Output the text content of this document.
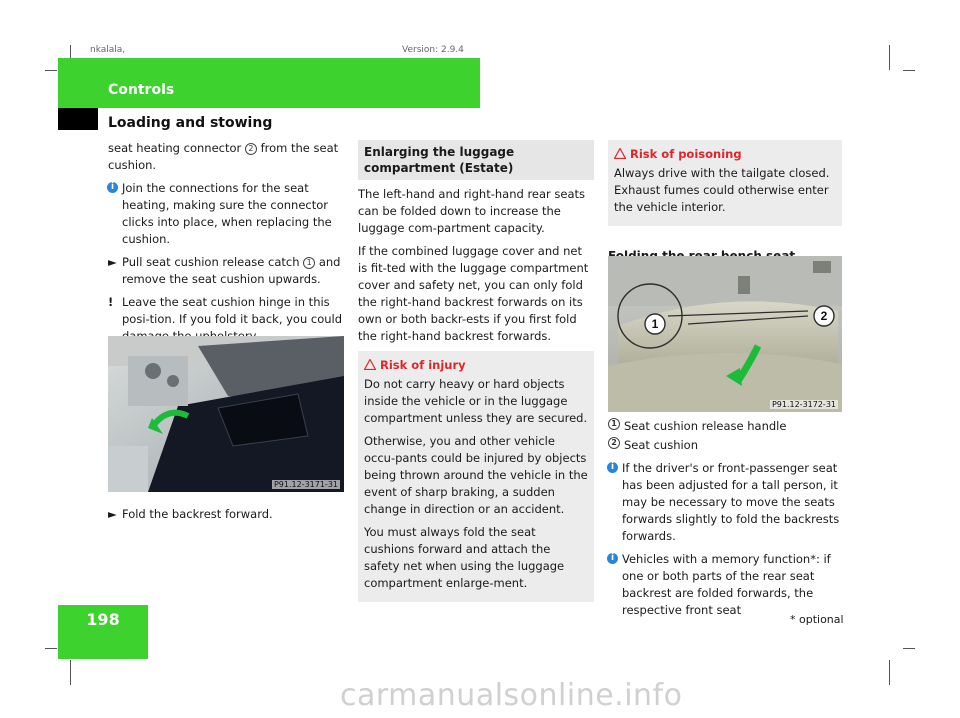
nkalala,	Version: 2.9.4
Controls
Loading and stowing

seat heating connector 2 from the seat cushion.

i Join the connections for the seat heating, making sure the connector clicks into place, when replacing the cushion.
► Pull seat cushion release catch 1 and remove the seat cushion upwards.
! Leave the seat cushion hinge in this posi-tion. If you fold it back, you could
P91.12-3171-31
► Fold the backrest forward.
Enlarging the luggage compartment (Estate)

The left-hand and right-hand rear seats can be folded down to increase the luggage com-partment capacity.

If the combined luggage cover and net is fit-ted with the luggage compartment cover and safety net, you can only fold the right-hand backrest forwards on its own or both backr-ests if you first fold the right-hand backrest forwards.

Risk of injury

Do not carry heavy or hard objects inside the vehicle or in the luggage compartment unless they are secured.

Otherwise, you and other vehicle occu-pants could be injured by objects being thrown around the vehicle in the event of sharp braking, a sudden change in direction or an accident.

You must always fold the seat cushions forward and attach the safety net when using the luggage compartment enlarge-ment.

Risk of poisoning

Always drive with the tailgate closed. Exhaust fumes could otherwise enter the vehicle interior.

1
2
P91.12-3172-31
1 Seat cushion release handle
2 Seat cushion
i If the driver's or front-passenger seat has been adjusted for a tall person, it may be necessary to move the seats forwards slightly to fold the backrests forwards.
i Vehicles with a memory function*: if one or both parts of the rear seat backrest are folded forwards, the respective front seat
198	* optional
carmanualsonline.info
